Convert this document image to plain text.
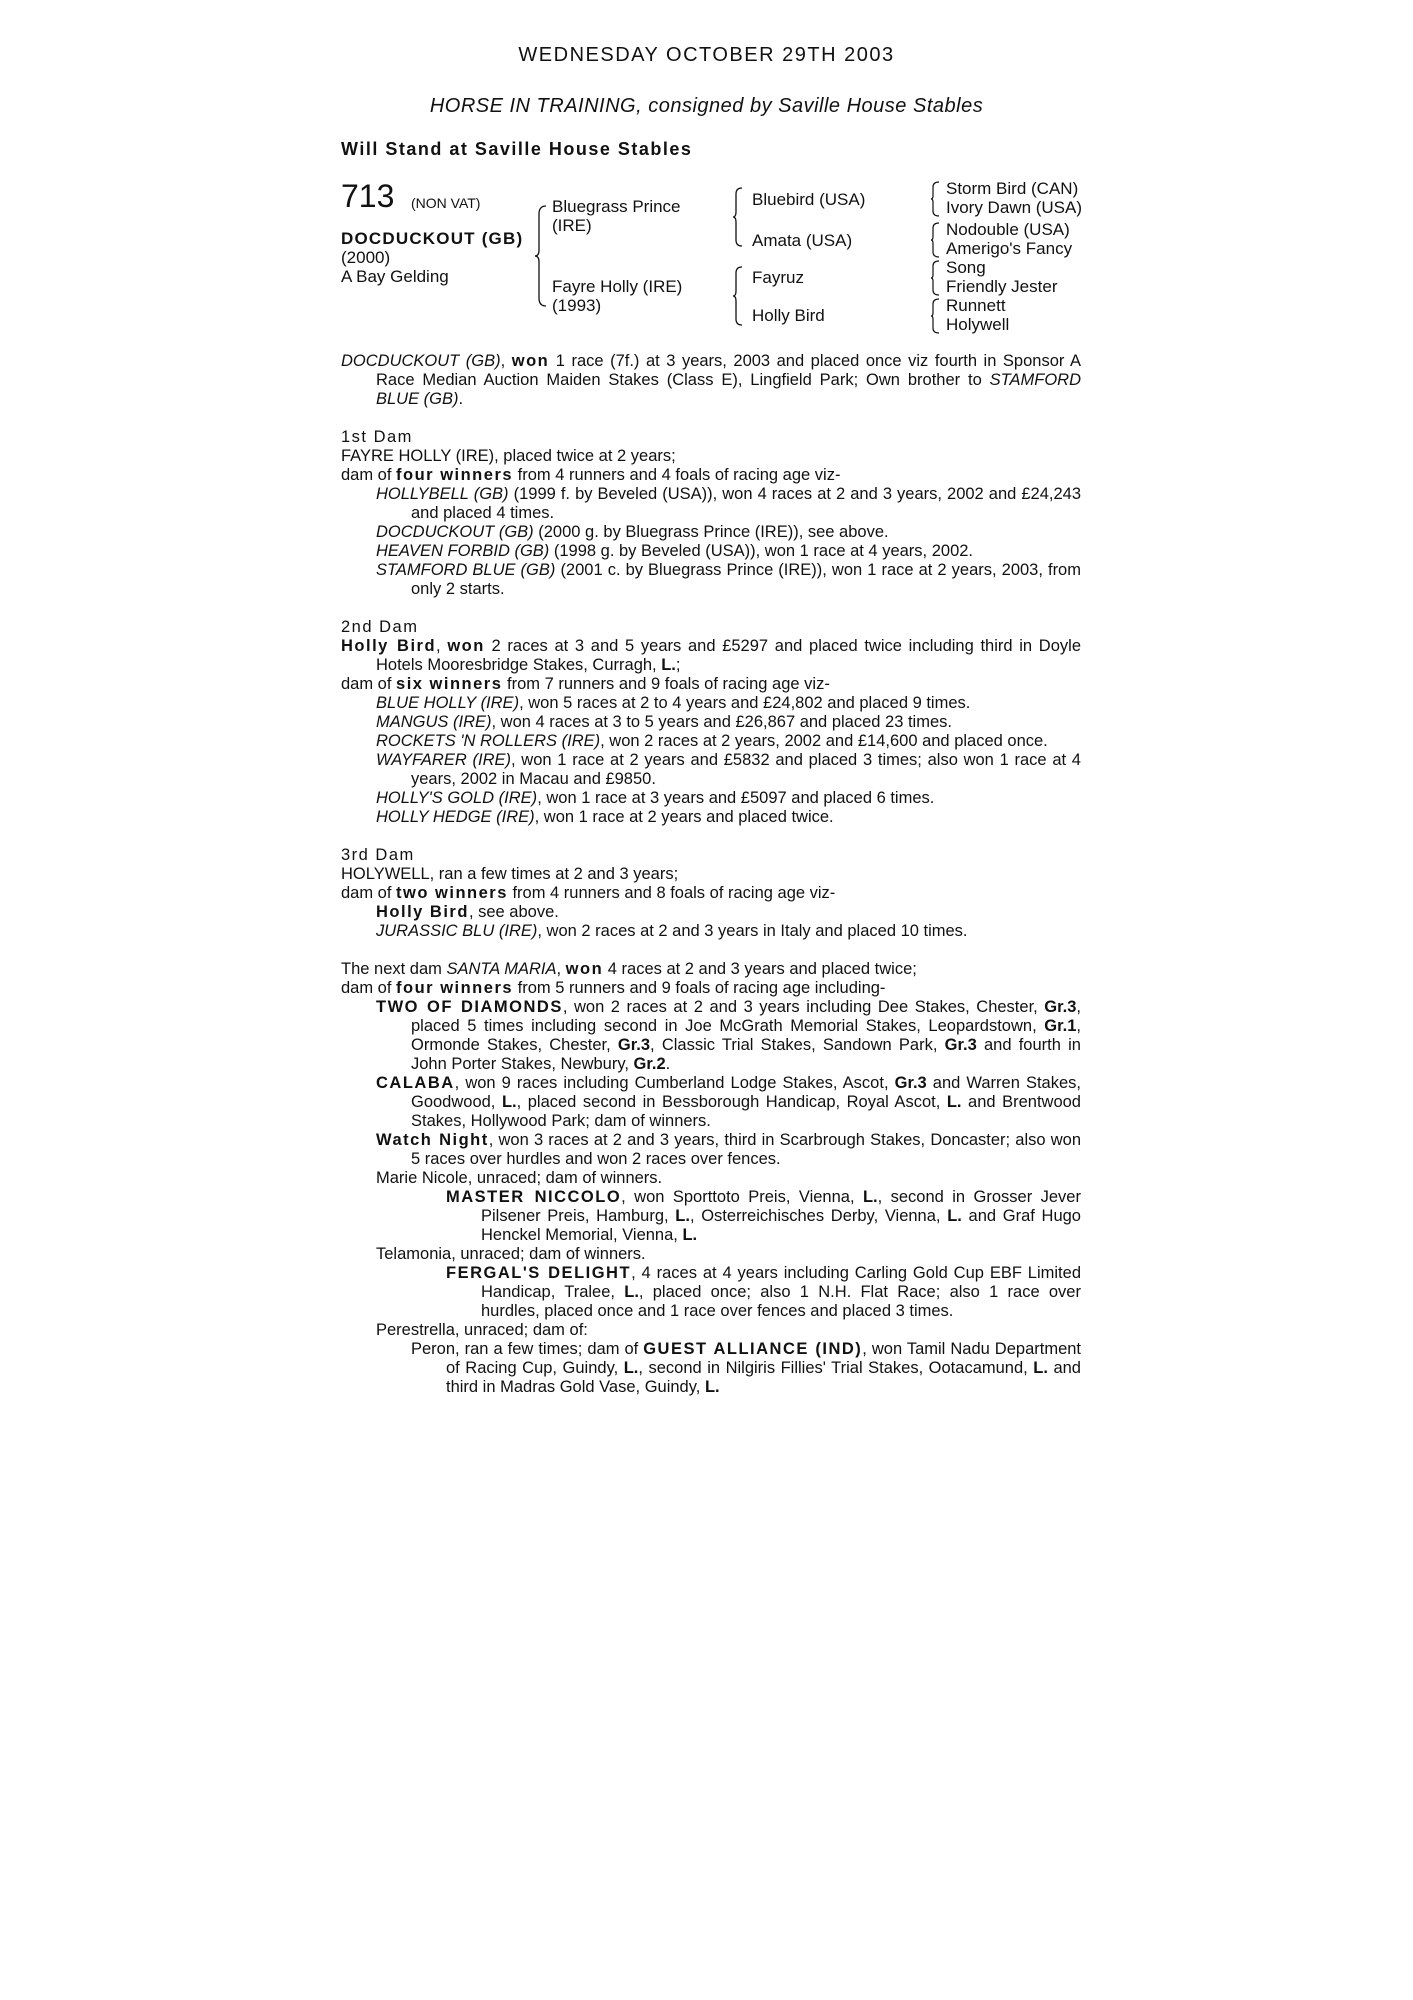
WEDNESDAY OCTOBER 29TH 2003
HORSE IN TRAINING, consigned by Saville House Stables
Will Stand at Saville House Stables
713 (NON VAT)
DOCDUCKOUT (GB)
(2000)
A Bay Gelding
Bluegrass Prince
(IRE)
Fayre Holly (IRE)
(1993)
Bluebird (USA)
Amata (USA)
Fayruz
Holly Bird
Storm Bird (CAN)
Ivory Dawn (USA)
Nodouble (USA)
Amerigo's Fancy
Song
Friendly Jester
Runnett
Holywell

DOCDUCKOUT (GB), won 1 race (7f.) at 3 years, 2003 and placed once viz fourth in Sponsor A Race Median Auction Maiden Stakes (Class E), Lingfield Park; Own brother to STAMFORD BLUE (GB).

1st Dam

FAYRE HOLLY (IRE), placed twice at 2 years;

dam of four winners from 4 runners and 4 foals of racing age viz-

HOLLYBELL (GB) (1999 f. by Beveled (USA)), won 4 races at 2 and 3 years, 2002 and £24,243 and placed 4 times.

DOCDUCKOUT (GB) (2000 g. by Bluegrass Prince (IRE)), see above.

HEAVEN FORBID (GB) (1998 g. by Beveled (USA)), won 1 race at 4 years, 2002.

STAMFORD BLUE (GB) (2001 c. by Bluegrass Prince (IRE)), won 1 race at 2 years, 2003, from only 2 starts.

2nd Dam

Holly Bird, won 2 races at 3 and 5 years and £5297 and placed twice including third in Doyle Hotels Mooresbridge Stakes, Curragh, L.;

dam of six winners from 7 runners and 9 foals of racing age viz-

BLUE HOLLY (IRE), won 5 races at 2 to 4 years and £24,802 and placed 9 times.

MANGUS (IRE), won 4 races at 3 to 5 years and £26,867 and placed 23 times.

ROCKETS 'N ROLLERS (IRE), won 2 races at 2 years, 2002 and £14,600 and placed once.

WAYFARER (IRE), won 1 race at 2 years and £5832 and placed 3 times; also won 1 race at 4 years, 2002 in Macau and £9850.

HOLLY'S GOLD (IRE), won 1 race at 3 years and £5097 and placed 6 times.

HOLLY HEDGE (IRE), won 1 race at 2 years and placed twice.

3rd Dam

HOLYWELL, ran a few times at 2 and 3 years;

dam of two winners from 4 runners and 8 foals of racing age viz-

Holly Bird, see above.

JURASSIC BLU (IRE), won 2 races at 2 and 3 years in Italy and placed 10 times.

The next dam SANTA MARIA, won 4 races at 2 and 3 years and placed twice;

dam of four winners from 5 runners and 9 foals of racing age including-

TWO OF DIAMONDS, won 2 races at 2 and 3 years including Dee Stakes, Chester, Gr.3, placed 5 times including second in Joe McGrath Memorial Stakes, Leopardstown, Gr.1, Ormonde Stakes, Chester, Gr.3, Classic Trial Stakes, Sandown Park, Gr.3 and fourth in John Porter Stakes, Newbury, Gr.2.

CALABA, won 9 races including Cumberland Lodge Stakes, Ascot, Gr.3 and Warren Stakes, Goodwood, L., placed second in Bessborough Handicap, Royal Ascot, L. and Brentwood Stakes, Hollywood Park; dam of winners.

Watch Night, won 3 races at 2 and 3 years, third in Scarbrough Stakes, Doncaster; also won 5 races over hurdles and won 2 races over fences.

Marie Nicole, unraced; dam of winners.

MASTER NICCOLO, won Sporttoto Preis, Vienna, L., second in Grosser Jever Pilsener Preis, Hamburg, L., Osterreichisches Derby, Vienna, L. and Graf Hugo Henckel Memorial, Vienna, L.

Telamonia, unraced; dam of winners.

FERGAL'S DELIGHT, 4 races at 4 years including Carling Gold Cup EBF Limited Handicap, Tralee, L., placed once; also 1 N.H. Flat Race; also 1 race over hurdles, placed once and 1 race over fences and placed 3 times.

Perestrella, unraced; dam of:

Peron, ran a few times; dam of GUEST ALLIANCE (IND), won Tamil Nadu Department of Racing Cup, Guindy, L., second in Nilgiris Fillies' Trial Stakes, Ootacamund, L. and third in Madras Gold Vase, Guindy, L.
